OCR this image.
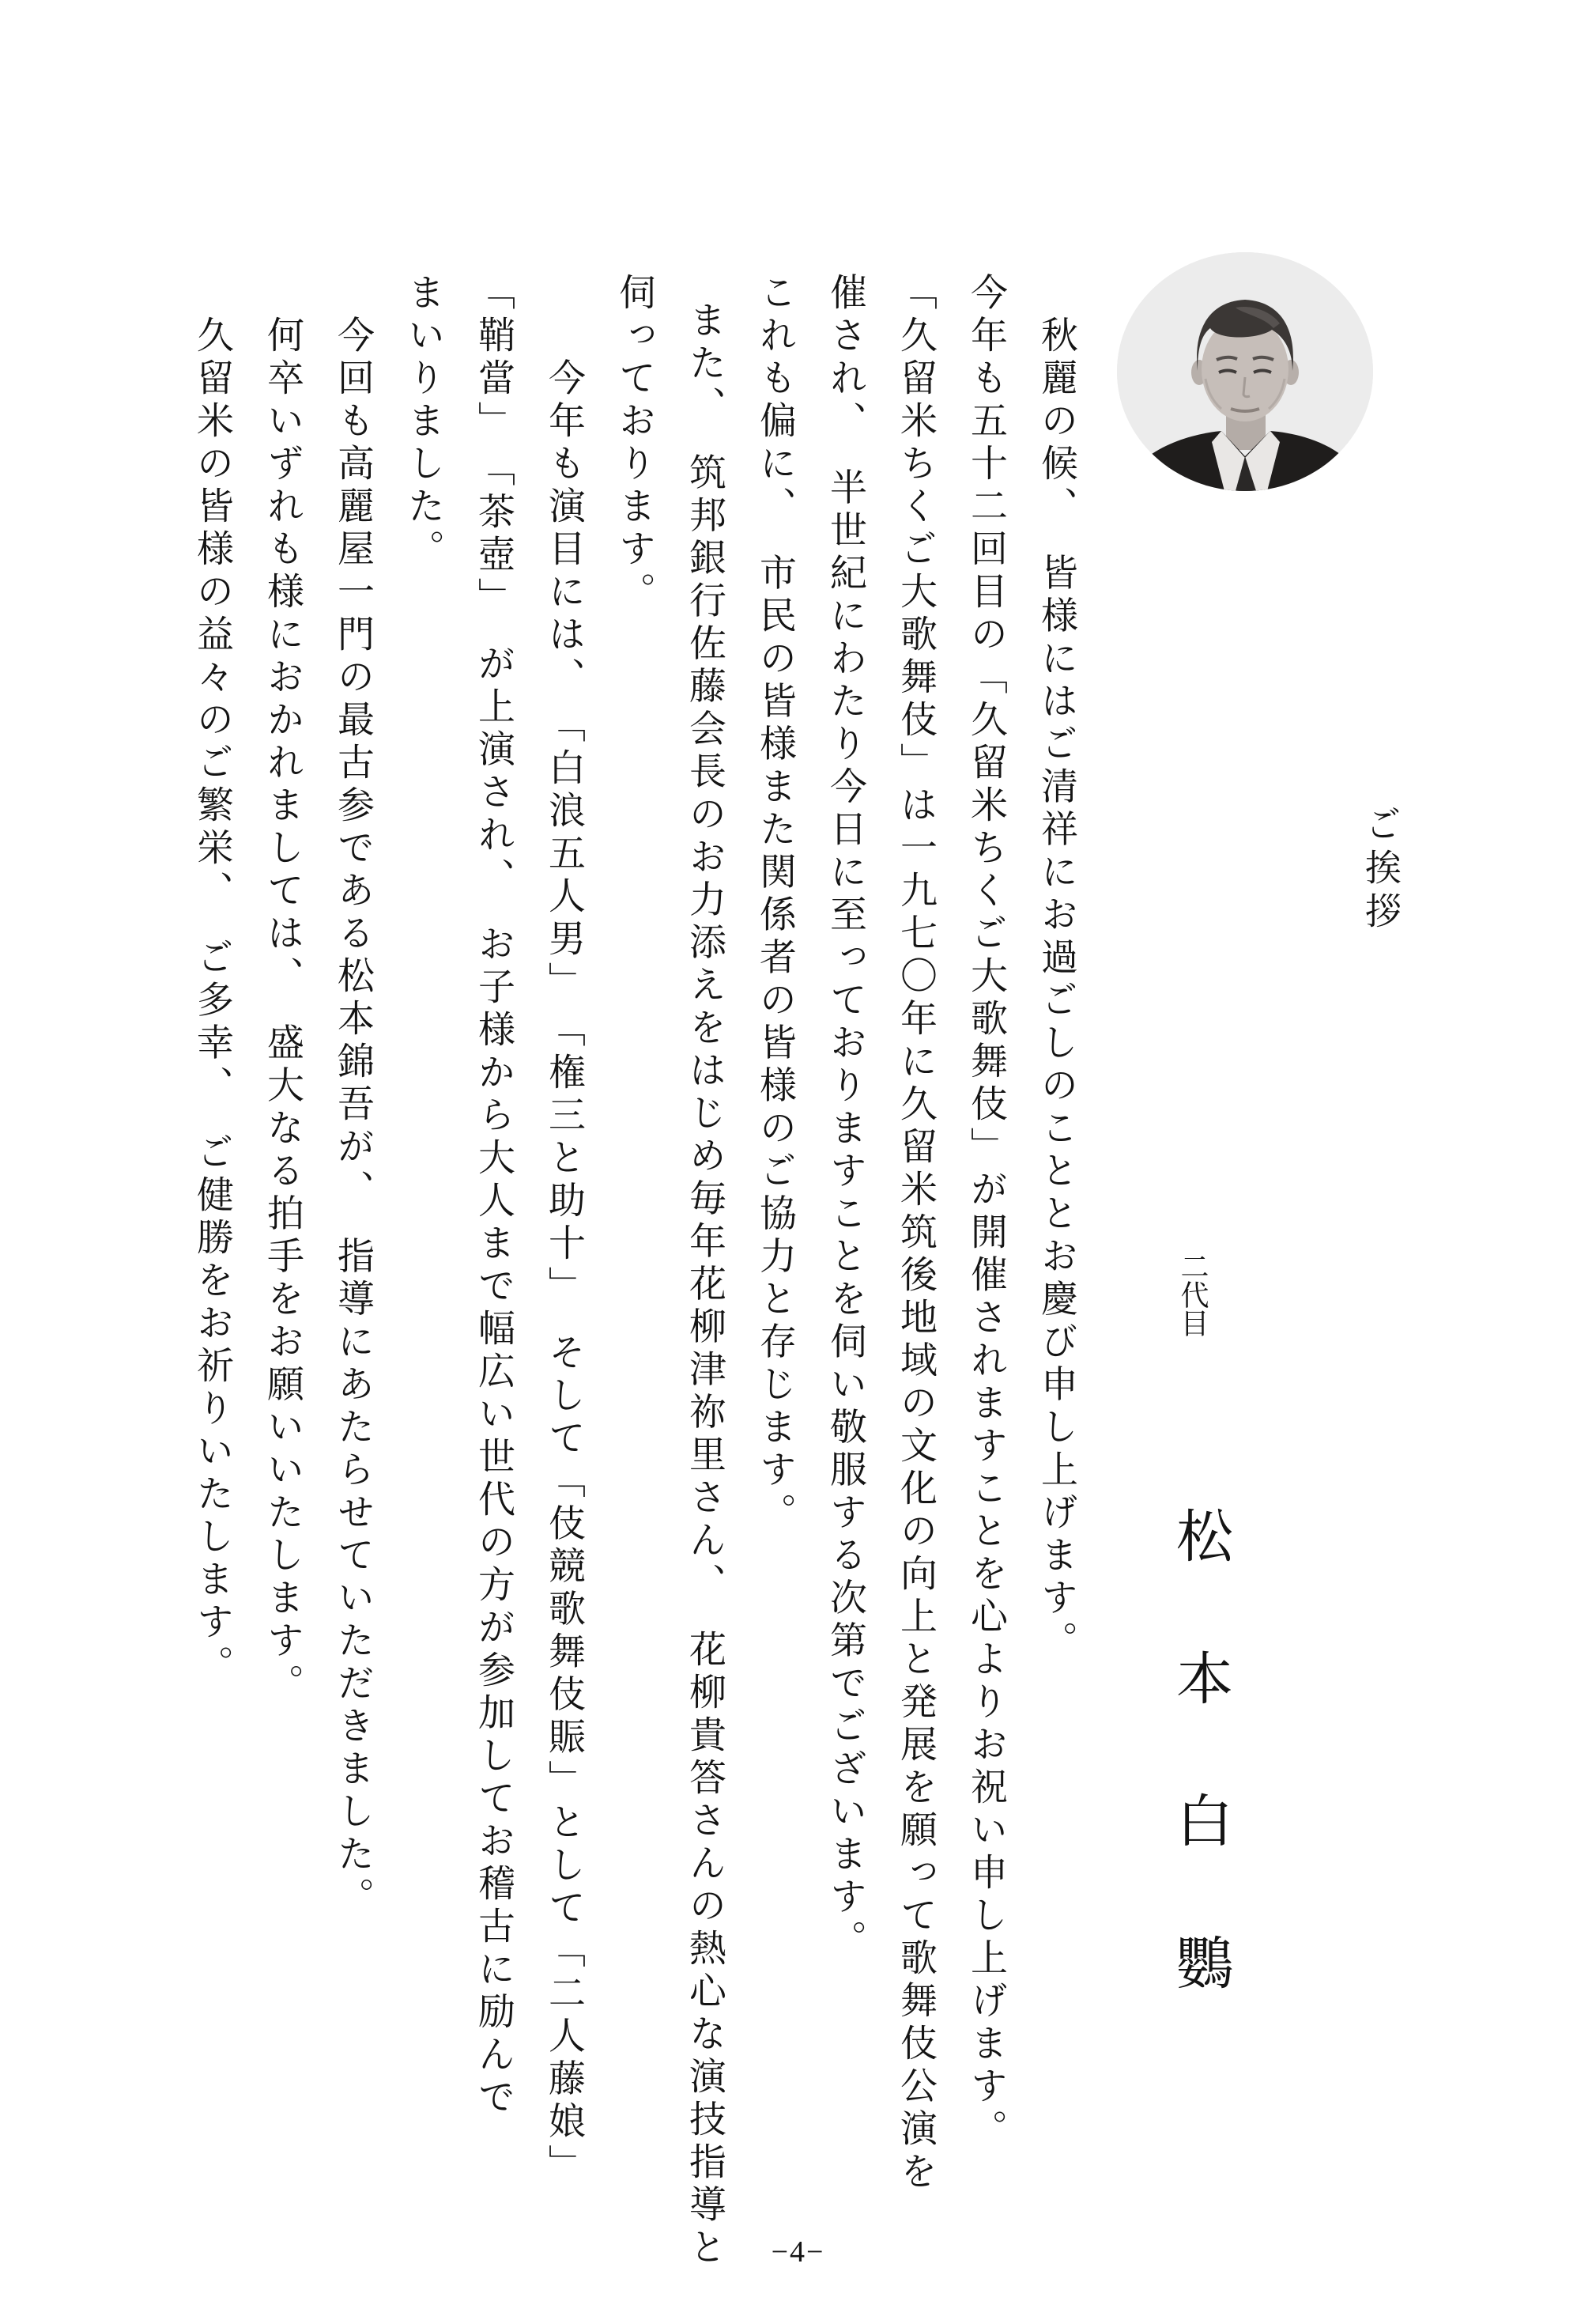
ご挨拶
二代目
松本白鸚

秋麗の候、　皆様にはご清祥にお過ごしのこととお慶び申し上げます。

今年も五十二回目の「久留米ちくご大歌舞伎」が開催されますことを心よりお祝い申し上げます。

「久留米ちくご大歌舞伎」は一九七〇年に久留米筑後地域の文化の向上と発展を願って歌舞伎公演を

催され、　半世紀にわたり今日に至っておりますことを伺い敬服する次第でございます。

これも偏に、　市民の皆様また関係者の皆様のご協力と存じます。

また、　筑邦銀行佐藤会長のお力添えをはじめ毎年花柳津祢里さん、　花柳貴答さんの熱心な演技指導と

伺っております。

今年も演目には、　「白浪五人男」　「権三と助十」　そして「伎競歌舞伎賑」として「二人藤娘」

「鞘當」　「茶壺」　が上演され、　お子様から大人まで幅広い世代の方が参加してお稽古に励んで

まいりました。

今回も高麗屋一門の最古参である松本錦吾が、　指導にあたらせていただきました。

何卒いずれも様におかれましては、　盛大なる拍手をお願いいたします。

久留米の皆様の益々のご繁栄、　ご多幸、　ご健勝をお祈りいたします。

−4−
